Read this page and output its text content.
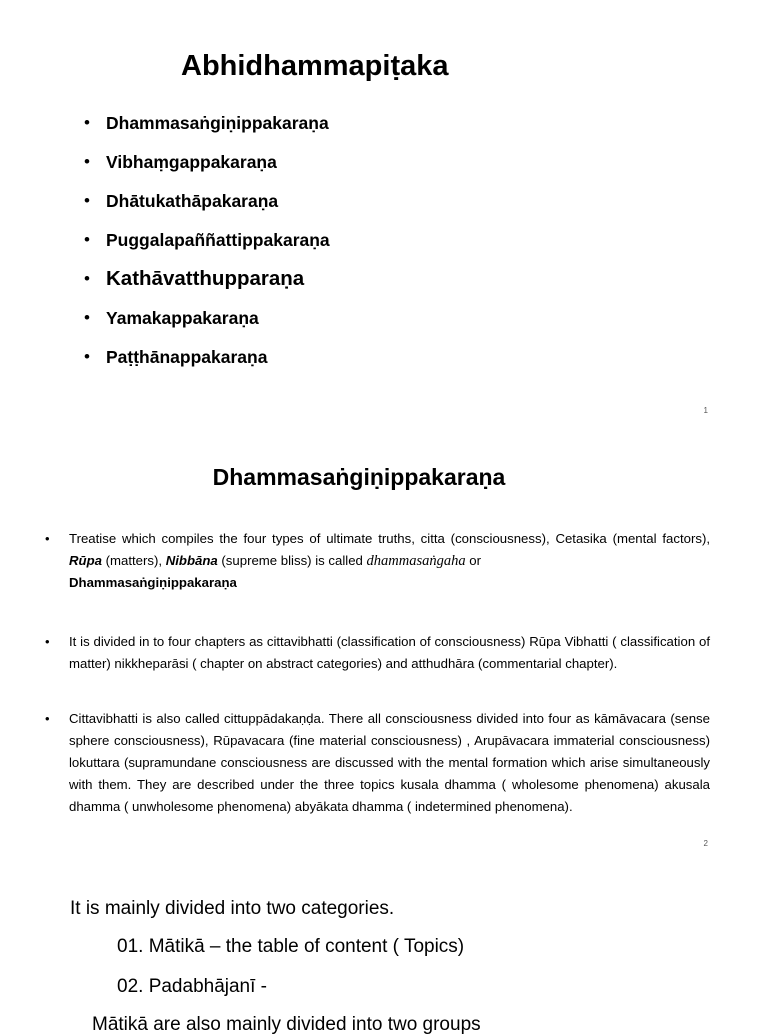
Abhidhammapiṭaka
• Dhammasaṅgiṇippakaraṇa
• Vibhaṃgappakaraṇa
• Dhātukathāpakaraṇa
• Puggalapaññattippakaraṇa
• Kathāvatthupparaṇa
• Yamakappakaraṇa
• Paṭṭhānappakaraṇa
1
Dhammasaṅgiṇippakaraṇa

• Treatise which compiles the four types of ultimate truths, citta (consciousness), Cetasika (mental factors), Rūpa (matters), Nibbāna (supreme bliss) is called dhammasaṅgaha or
Dhammasaṅgiṇippakaraṇa

• It is divided in to four chapters as cittavibhatti (classification of consciousness) Rūpa Vibhatti ( classification of matter) nikkheparāsi ( chapter on abstract categories) and atthudhāra (commentarial chapter).

• Cittavibhatti is also called cittuppādakaṇḍa. There all consciousness divided into four as kāmāvacara (sense sphere consciousness), Rūpavacara (fine material consciousness) , Arupāvacara immaterial consciousness) lokuttara (supramundane consciousness are discussed with the mental formation which arise simultaneously with them. They are described under the three topics kusala dhamma ( wholesome phenomena) akusala dhamma ( unwholesome phenomena) abyākata dhamma ( indetermined phenomena).

2
It is mainly divided into two categories.
01. Mātikā – the table of content ( Topics)
02. Padabhājanī -
Mātikā are also mainly divided into two groups
